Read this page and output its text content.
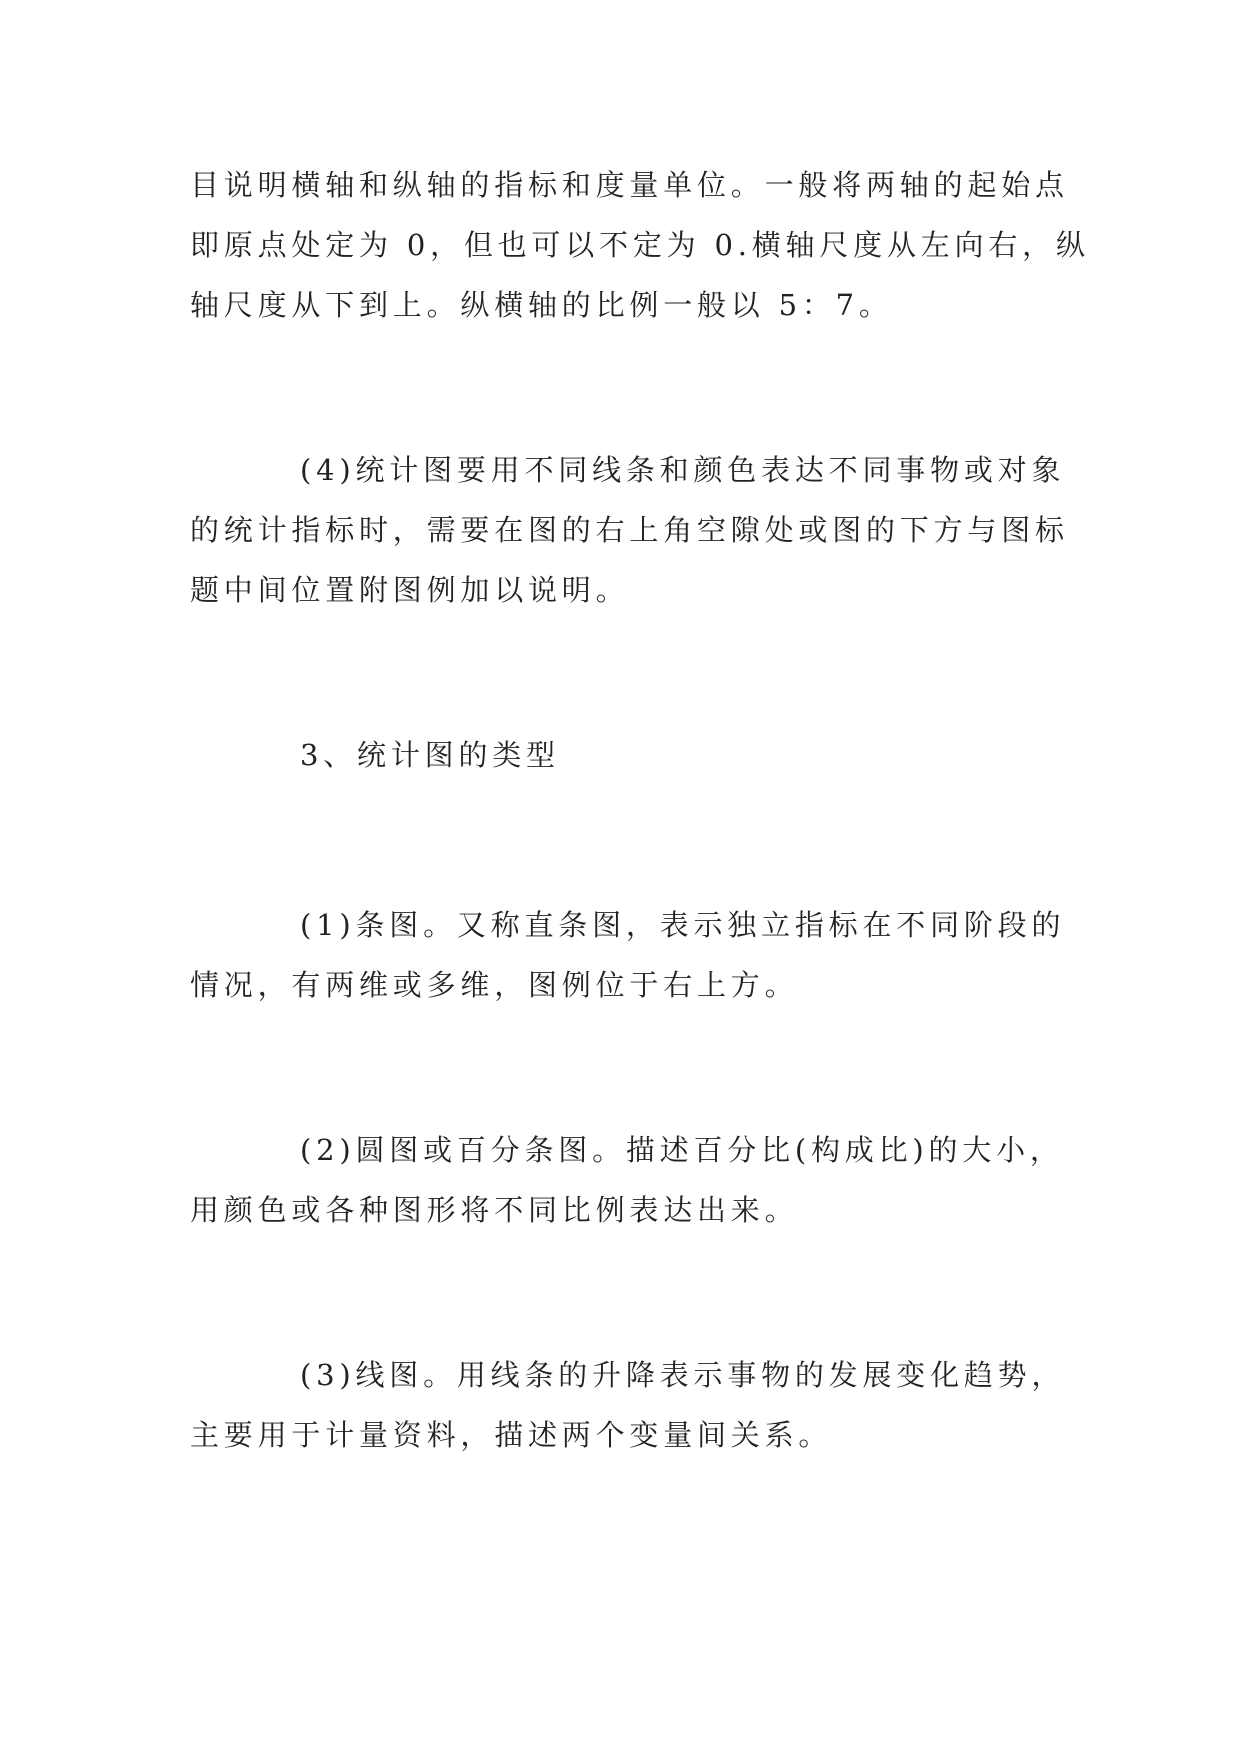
目说明横轴和纵轴的指标和度量单位。一般将两轴的起始点
即原点处定为 0，但也可以不定为 0.横轴尺度从左向右，纵
轴尺度从下到上。纵横轴的比例一般以 5：7。
(4)统计图要用不同线条和颜色表达不同事物或对象
的统计指标时，需要在图的右上角空隙处或图的下方与图标
题中间位置附图例加以说明。
3、统计图的类型
(1)条图。又称直条图，表示独立指标在不同阶段的
情况，有两维或多维，图例位于右上方。
(2)圆图或百分条图。描述百分比(构成比)的大小，
用颜色或各种图形将不同比例表达出来。
(3)线图。用线条的升降表示事物的发展变化趋势，
主要用于计量资料，描述两个变量间关系。
